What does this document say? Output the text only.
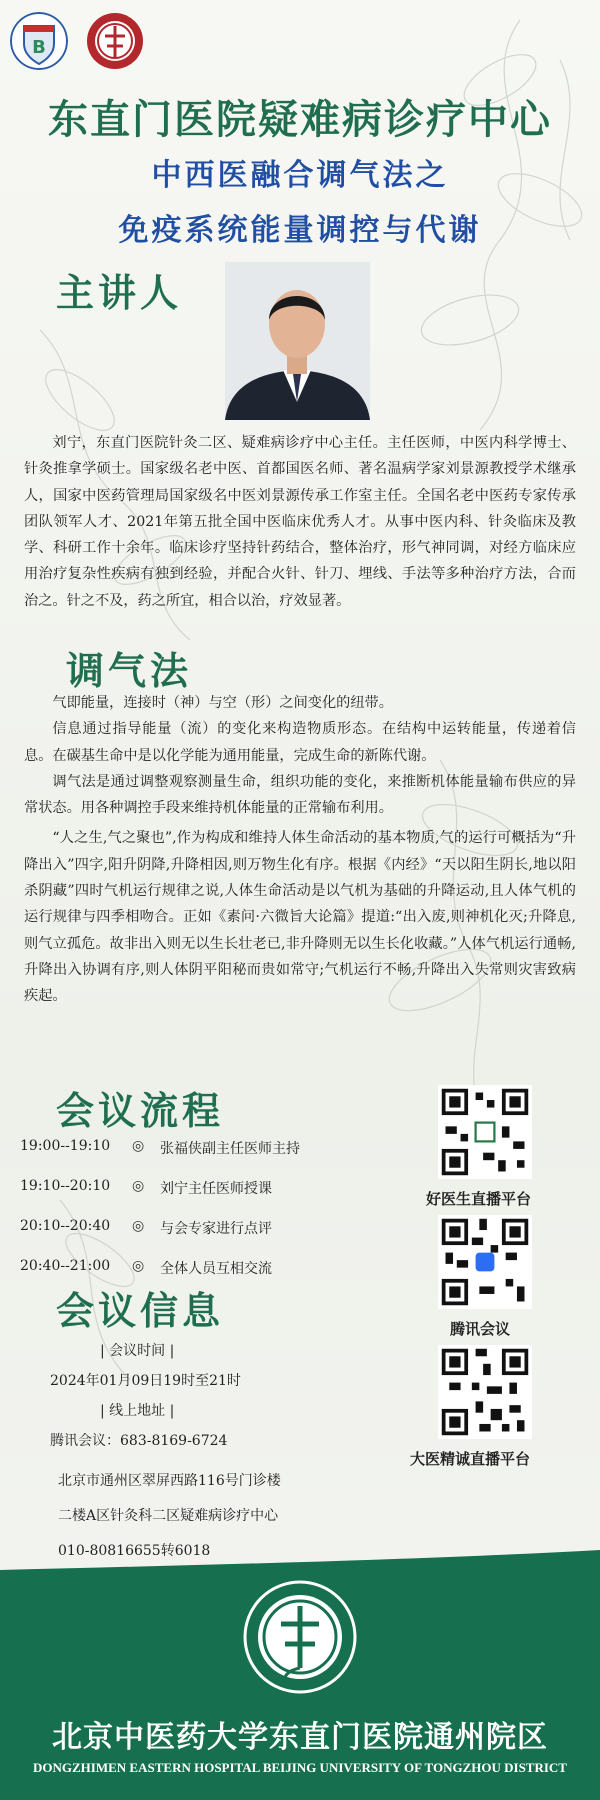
B
东直门医院疑难病诊疗中心
中西医融合调气法之
免疫系统能量调控与代谢
主讲人

刘宁，东直门医院针灸二区、疑难病诊疗中心主任。主任医师，中医内科学博士、针灸推拿学硕士。国家级名老中医、首都国医名师、著名温病学家刘景源教授学术继承人，国家中医药管理局国家级名中医刘景源传承工作室主任。全国名老中医药专家传承团队领军人才、2021年第五批全国中医临床优秀人才。从事中医内科、针灸临床及教学、科研工作十余年。临床诊疗坚持针药结合，整体治疗，形气神同调，对经方临床应用治疗复杂性疾病有独到经验，并配合火针、针刀、埋线、手法等多种治疗方法，合而治之。针之不及，药之所宜，相合以治，疗效显著。

调气法

气即能量，连接时（神）与空（形）之间变化的纽带。

信息通过指导能量（流）的变化来构造物质形态。在结构中运转能量，传递着信息。在碳基生命中是以化学能为通用能量，完成生命的新陈代谢。

调气法是通过调整观察测量生命，组织功能的变化，来推断机体能量输布供应的异常状态。用各种调控手段来维持机体能量的正常输布利用。

“人之生,气之聚也”,作为构成和维持人体生命活动的基本物质,气的运行可概括为“升降出入”四字,阳升阴降,升降相因,则万物生化有序。根据《内经》“天以阳生阴长,地以阳杀阴藏”四时气机运行规律之说,人体生命活动是以气机为基础的升降运动,且人体气机的运行规律与四季相吻合。正如《素问·六微旨大论篇》提道:“出入废,则神机化灭;升降息,则气立孤危。故非出入则无以生长壮老已,非升降则无以生长化收藏。”人体气机运行通畅,升降出入协调有序,则人体阴平阳秘而贵如常守;气机运行不畅,升降出入失常则灾害致病疾起。

会议流程
19:00--19:10 ◎ 张福侠副主任医师主持
19:10--20:10 ◎ 刘宁主任医师授课
20:10--20:40 ◎ 与会专家进行点评
20:40--21:00 ◎ 全体人员互相交流
好医生直播平台
腾讯会议
大医精诚直播平台
会议信息
| 会议时间 |
2024年01月09日19时至21时
| 线上地址 |
腾讯会议：683-8169-6724
北京市通州区翠屏西路116号门诊楼
二楼A区针灸科二区疑难病诊疗中心
010-80816655转6018
北京中医药大学东直门医院通州院区
DONGZHIMEN EASTERN HOSPITAL BEIJING UNIVERSITY OF TONGZHOU DISTRICT
